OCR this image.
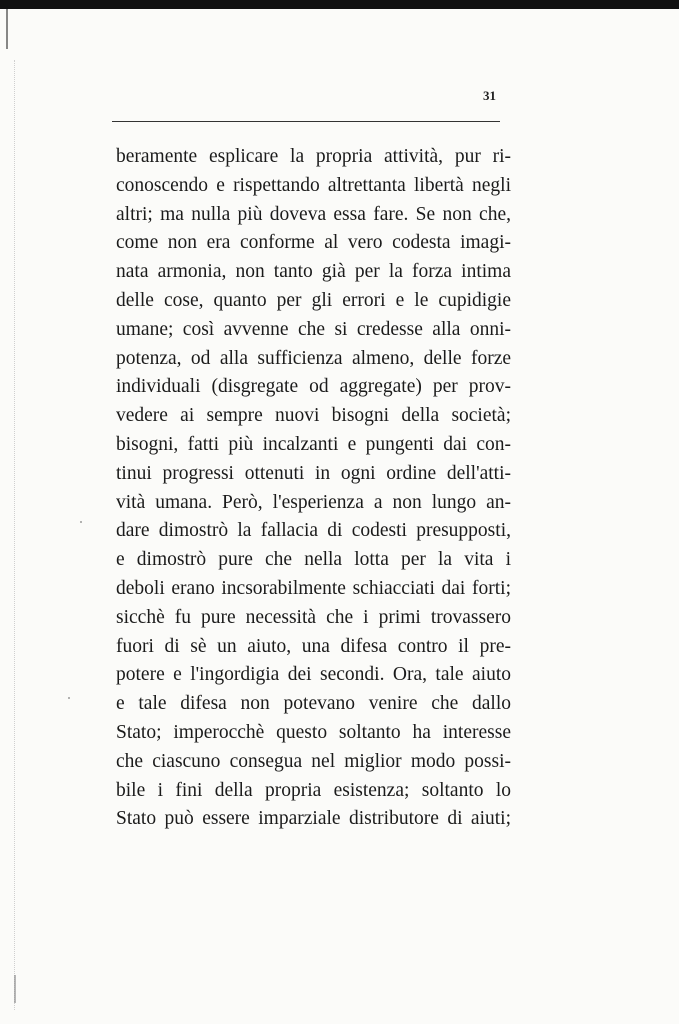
31
beramente esplicare la propria attività, pur ri-
conoscendo e rispettando altrettanta libertà negli
altri; ma nulla più doveva essa fare. Se non che,
come non era conforme al vero codesta imagi-
nata armonia, non tanto già per la forza intima
delle cose, quanto per gli errori e le cupidigie
umane; così avvenne che si credesse alla onni-
potenza, od alla sufficienza almeno, delle forze
individuali (disgregate od aggregate) per prov-
vedere ai sempre nuovi bisogni della società;
bisogni, fatti più incalzanti e pungenti dai con-
tinui progressi ottenuti in ogni ordine dell'atti-
vità umana. Però, l'esperienza a non lungo an-
dare dimostrò la fallacia di codesti presupposti,
e dimostrò pure che nella lotta per la vita i
deboli erano incsorabilmente schiacciati dai forti;
sicchè fu pure necessità che i primi trovassero
fuori di sè un aiuto, una difesa contro il pre-
potere e l'ingordigia dei secondi. Ora, tale aiuto
e tale difesa non potevano venire che dallo
Stato; imperocchè questo soltanto ha interesse
che ciascuno consegua nel miglior modo possi-
bile i fini della propria esistenza; soltanto lo
Stato può essere imparziale distributore di aiuti;
